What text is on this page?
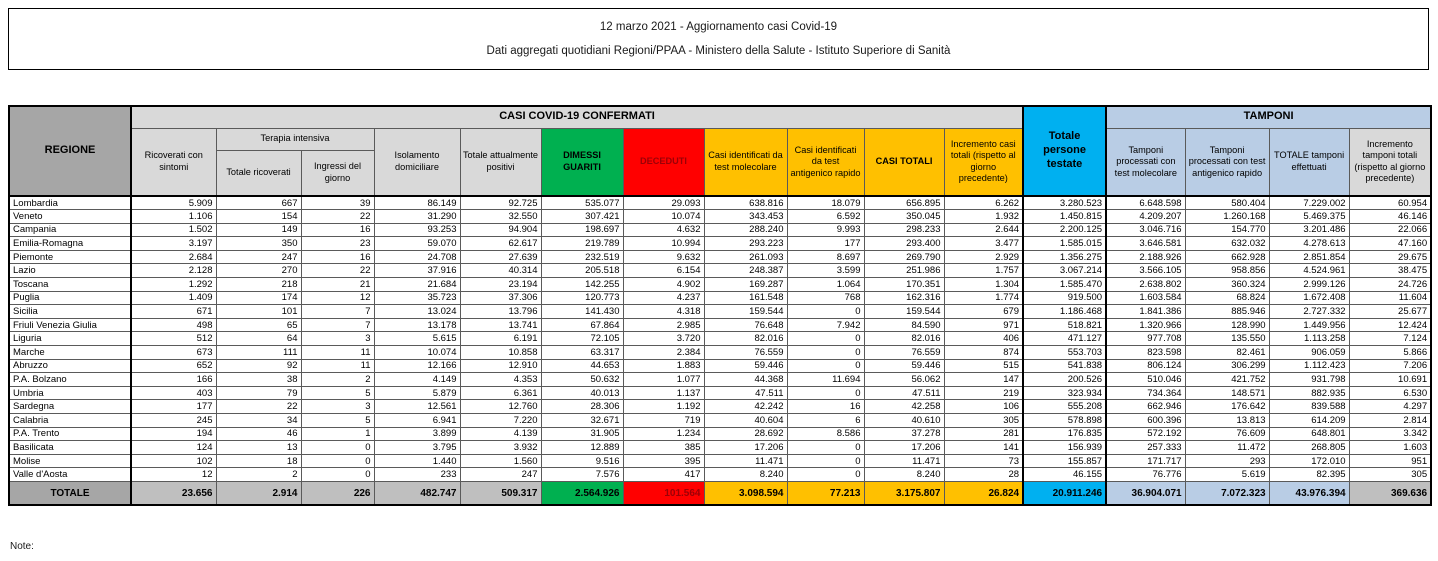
12 marzo 2021 - Aggiornamento casi Covid-19
Dati aggregati quotidiani Regioni/PPAA - Ministero della Salute - Istituto Superiore di Sanità
REGIONE	CASI COVID-19 CONFERMATI											Totale persone testate	TAMPONI			
	Ricoverati con sintomi	Terapia intensiva		Isolamento domiciliare	Totale attualmente positivi	DIMESSI GUARITI	DECEDUTI	Casi identificati da test molecolare	Casi identificati da test antigenico rapido	CASI TOTALI	Incremento casi totali (rispetto al giorno precedente)		Tamponi processati con test molecolare	Tamponi processati con test antigenico rapido	TOTALE tamponi effettuati	Incremento tamponi totali (rispetto al giorno precedente)
		Totale ricoverati	Ingressi del giorno													
Lombardia	5.909	667	39	86.149	92.725	535.077	29.093	638.816	18.079	656.895	6.262	3.280.523	6.648.598	580.404	7.229.002	60.954
Veneto	1.106	154	22	31.290	32.550	307.421	10.074	343.453	6.592	350.045	1.932	1.450.815	4.209.207	1.260.168	5.469.375	46.146
Campania	1.502	149	16	93.253	94.904	198.697	4.632	288.240	9.993	298.233	2.644	2.200.125	3.046.716	154.770	3.201.486	22.066
Emilia-Romagna	3.197	350	23	59.070	62.617	219.789	10.994	293.223	177	293.400	3.477	1.585.015	3.646.581	632.032	4.278.613	47.160
Piemonte	2.684	247	16	24.708	27.639	232.519	9.632	261.093	8.697	269.790	2.929	1.356.275	2.188.926	662.928	2.851.854	29.675
Lazio	2.128	270	22	37.916	40.314	205.518	6.154	248.387	3.599	251.986	1.757	3.067.214	3.566.105	958.856	4.524.961	38.475
Toscana	1.292	218	21	21.684	23.194	142.255	4.902	169.287	1.064	170.351	1.304	1.585.470	2.638.802	360.324	2.999.126	24.726
Puglia	1.409	174	12	35.723	37.306	120.773	4.237	161.548	768	162.316	1.774	919.500	1.603.584	68.824	1.672.408	11.604
Sicilia	671	101	7	13.024	13.796	141.430	4.318	159.544	0	159.544	679	1.186.468	1.841.386	885.946	2.727.332	25.677
Friuli Venezia Giulia	498	65	7	13.178	13.741	67.864	2.985	76.648	7.942	84.590	971	518.821	1.320.966	128.990	1.449.956	12.424
Liguria	512	64	3	5.615	6.191	72.105	3.720	82.016	0	82.016	406	471.127	977.708	135.550	1.113.258	7.124
Marche	673	111	11	10.074	10.858	63.317	2.384	76.559	0	76.559	874	553.703	823.598	82.461	906.059	5.866
Abruzzo	652	92	11	12.166	12.910	44.653	1.883	59.446	0	59.446	515	541.838	806.124	306.299	1.112.423	7.206
P.A. Bolzano	166	38	2	4.149	4.353	50.632	1.077	44.368	11.694	56.062	147	200.526	510.046	421.752	931.798	10.691
Umbria	403	79	5	5.879	6.361	40.013	1.137	47.511	0	47.511	219	323.934	734.364	148.571	882.935	6.530
Sardegna	177	22	3	12.561	12.760	28.306	1.192	42.242	16	42.258	106	555.208	662.946	176.642	839.588	4.297
Calabria	245	34	5	6.941	7.220	32.671	719	40.604	6	40.610	305	578.898	600.396	13.813	614.209	2.814
P.A. Trento	194	46	1	3.899	4.139	31.905	1.234	28.692	8.586	37.278	281	176.835	572.192	76.609	648.801	3.342
Basilicata	124	13	0	3.795	3.932	12.889	385	17.206	0	17.206	141	156.939	257.333	11.472	268.805	1.603
Molise	102	18	0	1.440	1.560	9.516	395	11.471	0	11.471	73	155.857	171.717	293	172.010	951
Valle d'Aosta	12	2	0	233	247	7.576	417	8.240	0	8.240	28	46.155	76.776	5.619	82.395	305
TOTALE	23.656	2.914	226	482.747	509.317	2.564.926	101.564	3.098.594	77.213	3.175.807	26.824	20.911.246	36.904.071	7.072.323	43.976.394	369.636
Note:
